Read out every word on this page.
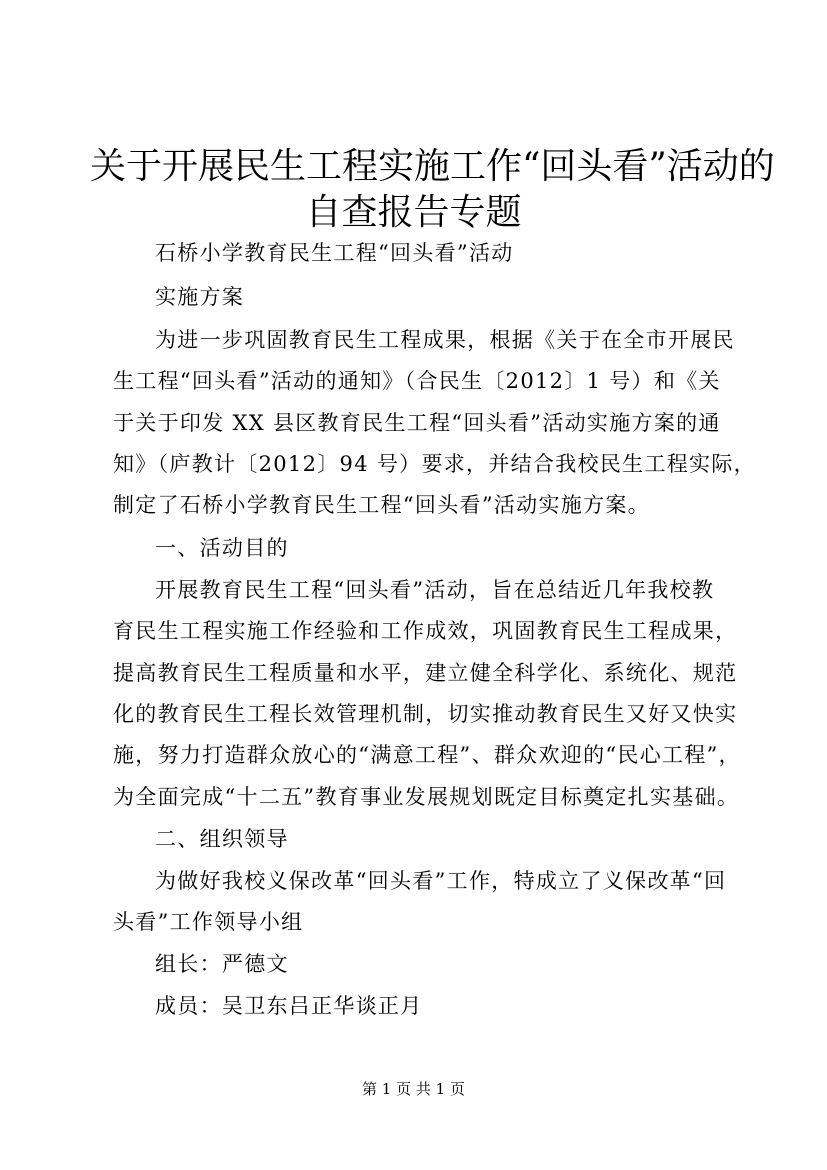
关于开展民生工程实施工作“回头看”活动的
自查报告专题
石桥小学教育民生工程“回头看”活动
实施方案
为进一步巩固教育民生工程成果，根据《关于在全市开展民
生工程“回头看”活动的通知》（合民生〔2012〕1 号）和《关
于关于印发 XX 县区教育民生工程“回头看”活动实施方案的通
知》（庐教计〔2012〕94 号）要求，并结合我校民生工程实际，
制定了石桥小学教育民生工程“回头看”活动实施方案。
一、活动目的
开展教育民生工程“回头看”活动，旨在总结近几年我校教
育民生工程实施工作经验和工作成效，巩固教育民生工程成果，
提高教育民生工程质量和水平，建立健全科学化、系统化、规范
化的教育民生工程长效管理机制，切实推动教育民生又好又快实
施，努力打造群众放心的“满意工程”、群众欢迎的“民心工程”，
为全面完成“十二五”教育事业发展规划既定目标奠定扎实基础。
二、组织领导
为做好我校义保改革“回头看”工作，特成立了义保改革“回
头看”工作领导小组
组长：严德文
成员：吴卫东吕正华谈正月
第 1 页 共 1 页
